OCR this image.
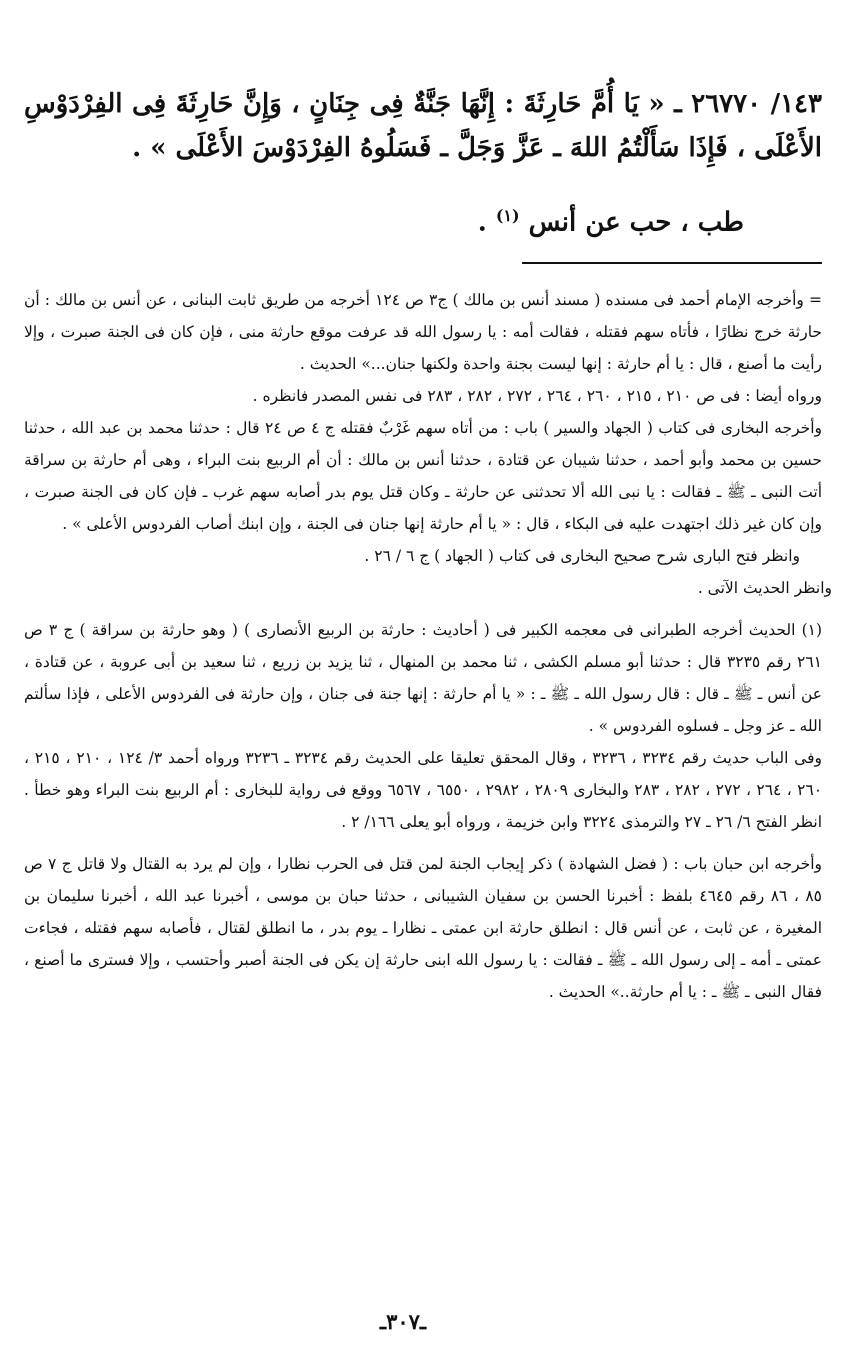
١٤٣/ ٢٦٧٧٠ ـ « يَا أُمَّ حَارِثَةَ : إِنَّهَا جَنَّةٌ فِى جِنَانٍ ، وَإِنَّ حَارِثَةَ فِى الفِرْدَوْسِ الأَعْلَى ، فَإِذَا سَأَلْتُمُ اللهَ ـ عَزَّ وَجَلَّ ـ فَسَلُوهُ الفِرْدَوْسَ الأَعْلَى » .
طب ، حب عن أنس $^{(١)}$ .

= وأخرجه الإمام أحمد فى مسنده ( مسند أنس بن مالك ) ج٣ ص ١٢٤ أخرجه من طريق ثابت البنانى ، عن أنس بن مالك : أن حارثة خرج نظارًا ، فأتاه سهم فقتله ، فقالت أمه : يا رسول الله قد عرفت موقع حارثة منى ، فإن كان فى الجنة صبرت ، وإلا رأيت ما أصنع ، قال : يا أم حارثة : إنها ليست بجنة واحدة ولكنها جنان...» الحديث .

ورواه أيضا : فى ص ٢١٠ ، ٢١٥ ، ٢٦٠ ، ٢٦٤ ، ٢٧٢ ، ٢٨٢ ، ٢٨٣ فى نفس المصدر فانظره .

وأخرجه البخارى فى كتاب ( الجهاد والسير ) باب : من أتاه سهم غَرْبٌ فقتله ج ٤ ص ٢٤ قال : حدثنا محمد بن عبد الله ، حدثنا حسين بن محمد وأبو أحمد ، حدثنا شيبان عن قتادة ، حدثنا أنس بن مالك : أن أم الربيع بنت البراء ، وهى أم حارثة بن سراقة أتت النبى ـ ﷺ ـ فقالت : يا نبى الله ألا تحدثنى عن حارثة ـ وكان قتل يوم بدر أصابه سهم غرب ـ فإن كان فى الجنة صبرت ، وإن كان غير ذلك اجتهدت عليه فى البكاء ، قال : « يا أم حارثة إنها جنان فى الجنة ، وإن ابنك أصاب الفردوس الأعلى » .

وانظر فتح البارى شرح صحيح البخارى فى كتاب ( الجهاد ) ج ٦ / ٢٦ .

وانظر الحديث الآتى .

(١) الحديث أخرجه الطبرانى فى معجمه الكبير فى ( أحاديث : حارثة بن الربيع الأنصارى ) ( وهو حارثة بن سراقة ) ج ٣ ص ٢٦١ رقم ٣٢٣٥ قال : حدثنا أبو مسلم الكشى ، ثنا محمد بن المنهال ، ثنا يزيد بن زريع ، ثنا سعيد بن أبى عروبة ، عن قتادة ، عن أنس ـ ﷺ ـ قال : قال رسول الله ـ ﷺ ـ : « يا أم حارثة : إنها جنة فى جنان ، وإن حارثة فى الفردوس الأعلى ، فإذا سألتم الله ـ عز وجل ـ فسلوه الفردوس » .

وفى الباب حديث رقم ٣٢٣٤ ، ٣٢٣٦ ، وقال المحقق تعليقا على الحديث رقم ٣٢٣٤ ـ ٣٢٣٦ ورواه أحمد ٣/ ١٢٤ ، ٢١٠ ، ٢١٥ ، ٢٦٠ ، ٢٦٤ ، ٢٧٢ ، ٢٨٢ ، ٢٨٣ والبخارى ٢٨٠٩ ، ٢٩٨٢ ، ٦٥٥٠ ، ٦٥٦٧ ووقع فى رواية للبخارى : أم الربيع بنت البراء وهو خطأ . انظر الفتح ٦/ ٢٦ ـ ٢٧ والترمذى ٣٢٢٤ وابن خزيمة ، ورواه أبو يعلى ١٦٦/ ٢ .

وأخرجه ابن حبان باب : ( فضل الشهادة ) ذكر إيجاب الجنة لمن قتل فى الحرب نظارا ، وإن لم يرد به القتال ولا قاتل ج ٧ ص ٨٥ ، ٨٦ رقم ٤٦٤٥ بلفظ : أخبرنا الحسن بن سفيان الشيبانى ، حدثنا حبان بن موسى ، أخبرنا عبد الله ، أخبرنا سليمان بن المغيرة ، عن ثابت ، عن أنس قال : انطلق حارثة ابن عمتى ـ نظارا ـ يوم بدر ، ما انطلق لقتال ، فأصابه سهم فقتله ، فجاءت عمتى ـ أمه ـ إلى رسول الله ـ ﷺ ـ فقالت : يا رسول الله ابنى حارثة إن يكن فى الجنة أصبر وأحتسب ، وإلا فسترى ما أصنع ، فقال النبى ـ ﷺ ـ : يا أم حارثة..» الحديث .

ـ٣٠٧ـ
